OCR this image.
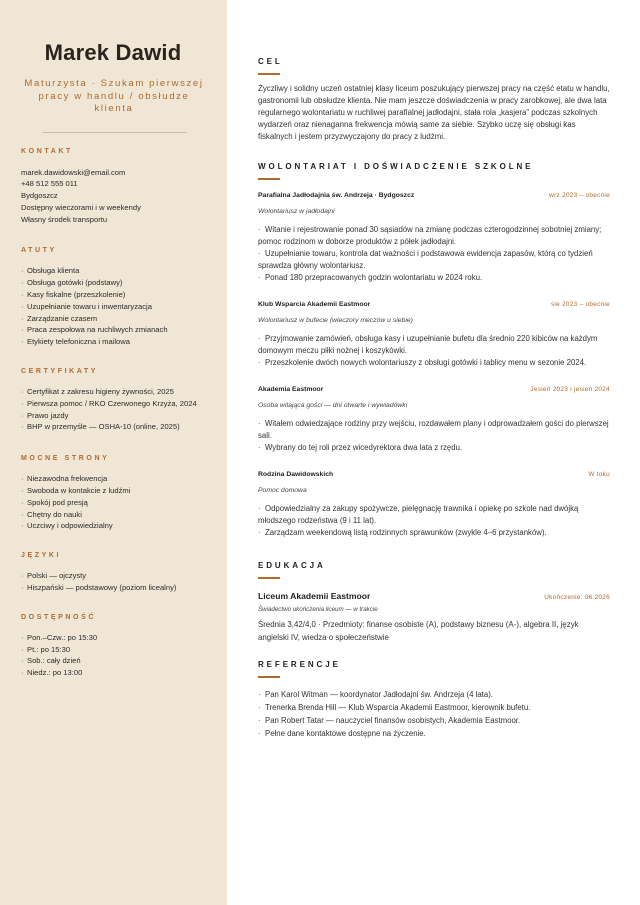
Marek Dawid
Maturzysta · Szukam pierwszej pracy w handlu / obsłudze klienta
KONTAKT
marek.dawidowski@email.com
+48 512 555 011
Bydgoszcz
Dostępny wieczorami i w weekendy
Własny środek transportu
ATUTY
· Obsługa klienta
· Obsługa gotówki (podstawy)
· Kasy fiskalne (przeszkolenie)
· Uzupełnianie towaru i inwentaryzacja
· Zarządzanie czasem
· Praca zespołowa na ruchliwych zmianach
· Etykiety telefoniczna i mailowa
CERTYFIKATY
· Certyfikat z zakresu higieny żywności, 2025
· Pierwsza pomoc / RKO Czerwonego Krzyża, 2024
· Prawo jazdy
· BHP w przemyśle — OSHA-10 (online, 2025)
MOCNE STRONY
· Niezawodna frekwencja
· Swoboda w kontakcie z ludźmi
· Spokój pod presją
· Chętny do nauki
· Uczciwy i odpowiedzialny
JĘZYKI
· Polski — ojczysty
· Hiszpański — podstawowy (poziom licealny)
DOSTĘPNOŚĆ
· Pon.–Czw.: po 15:30
· Pt.: po 15:30
· Sob.: cały dzień
· Niedz.: po 13:00
CEL

Życzliwy i solidny uczeń ostatniej klasy liceum poszukujący pierwszej pracy na część etatu w handlu, gastronomii lub obsłudze klienta. Nie mam jeszcze doświadczenia w pracy zarobkowej, ale dwa lata regularnego wolontariatu w ruchliwej parafialnej jadłodajni, stała rola „kasjera” podczas szkolnych wydarzeń oraz nienaganna frekwencja mówią same za siebie. Szybko uczę się obsługi kas fiskalnych i jestem przyzwyczajony do pracy z ludźmi.

WOLONTARIAT I DOŚWIADCZENIE SZKOLNE
Parafialna Jadłodajnia św. Andrzeja · Bydgoszcz	wrz 2023 – obecnie
Wolontariusz w jadłodajni
· Witanie i rejestrowanie ponad 30 sąsiadów na zmianę podczas czterogodzinnej sobotniej zmiany; pomoc rodzinom w doborze produktów z półek jadłodajni.
· Uzupełnianie towaru, kontrola dat ważności i podstawowa ewidencja zapasów, którą co tydzień sprawdza główny wolontariusz.
· Ponad 180 przepracowanych godzin wolontariatu w 2024 roku.
Klub Wsparcia Akademii Eastmoor	sie 2023 – obecnie
Wolontariusz w bufecie (wieczory meczów u siebie)
· Przyjmowanie zamówień, obsługa kasy i uzupełnianie bufetu dla średnio 220 kibiców na każdym domowym meczu piłki nożnej i koszykówki.
· Przeszkolenie dwóch nowych wolontariuszy z obsługi gotówki i tablicy menu w sezonie 2024.
Akademia Eastmoor	Jesień 2023 i jesień 2024
Osoba witająca gości — dni otwarte i wywiadówki
· Witałem odwiedzające rodziny przy wejściu, rozdawałem plany i odprowadzałem gości do pierwszej sali.
· Wybrany do tej roli przez wicedyrektora dwa lata z rzędu.
Rodzina Dawidowskich	W toku
Pomoc domowa
· Odpowiedzialny za zakupy spożywcze, pielęgnację trawnika i opiekę po szkole nad dwójką młodszego rodzeństwa (9 i 11 lat).
· Zarządzam weekendową listą rodzinnych sprawunków (zwykle 4–6 przystanków).
EDUKACJA
Liceum Akademii Eastmoor	Ukończenie: 06.2026
Świadectwo ukończenia liceum — w trakcie

Średnia 3,42/4,0 · Przedmioty: finanse osobiste (A), podstawy biznesu (A-), algebra II, język angielski IV, wiedza o społeczeństwie

REFERENCJE
· Pan Karol Witman — koordynator Jadłodajni św. Andrzeja (4 lata).
· Trenerka Brenda Hill — Klub Wsparcia Akademii Eastmoor, kierownik bufetu.
· Pan Robert Tatar — nauczyciel finansów osobistych, Akademia Eastmoor.
· Pełne dane kontaktowe dostępne na życzenie.
